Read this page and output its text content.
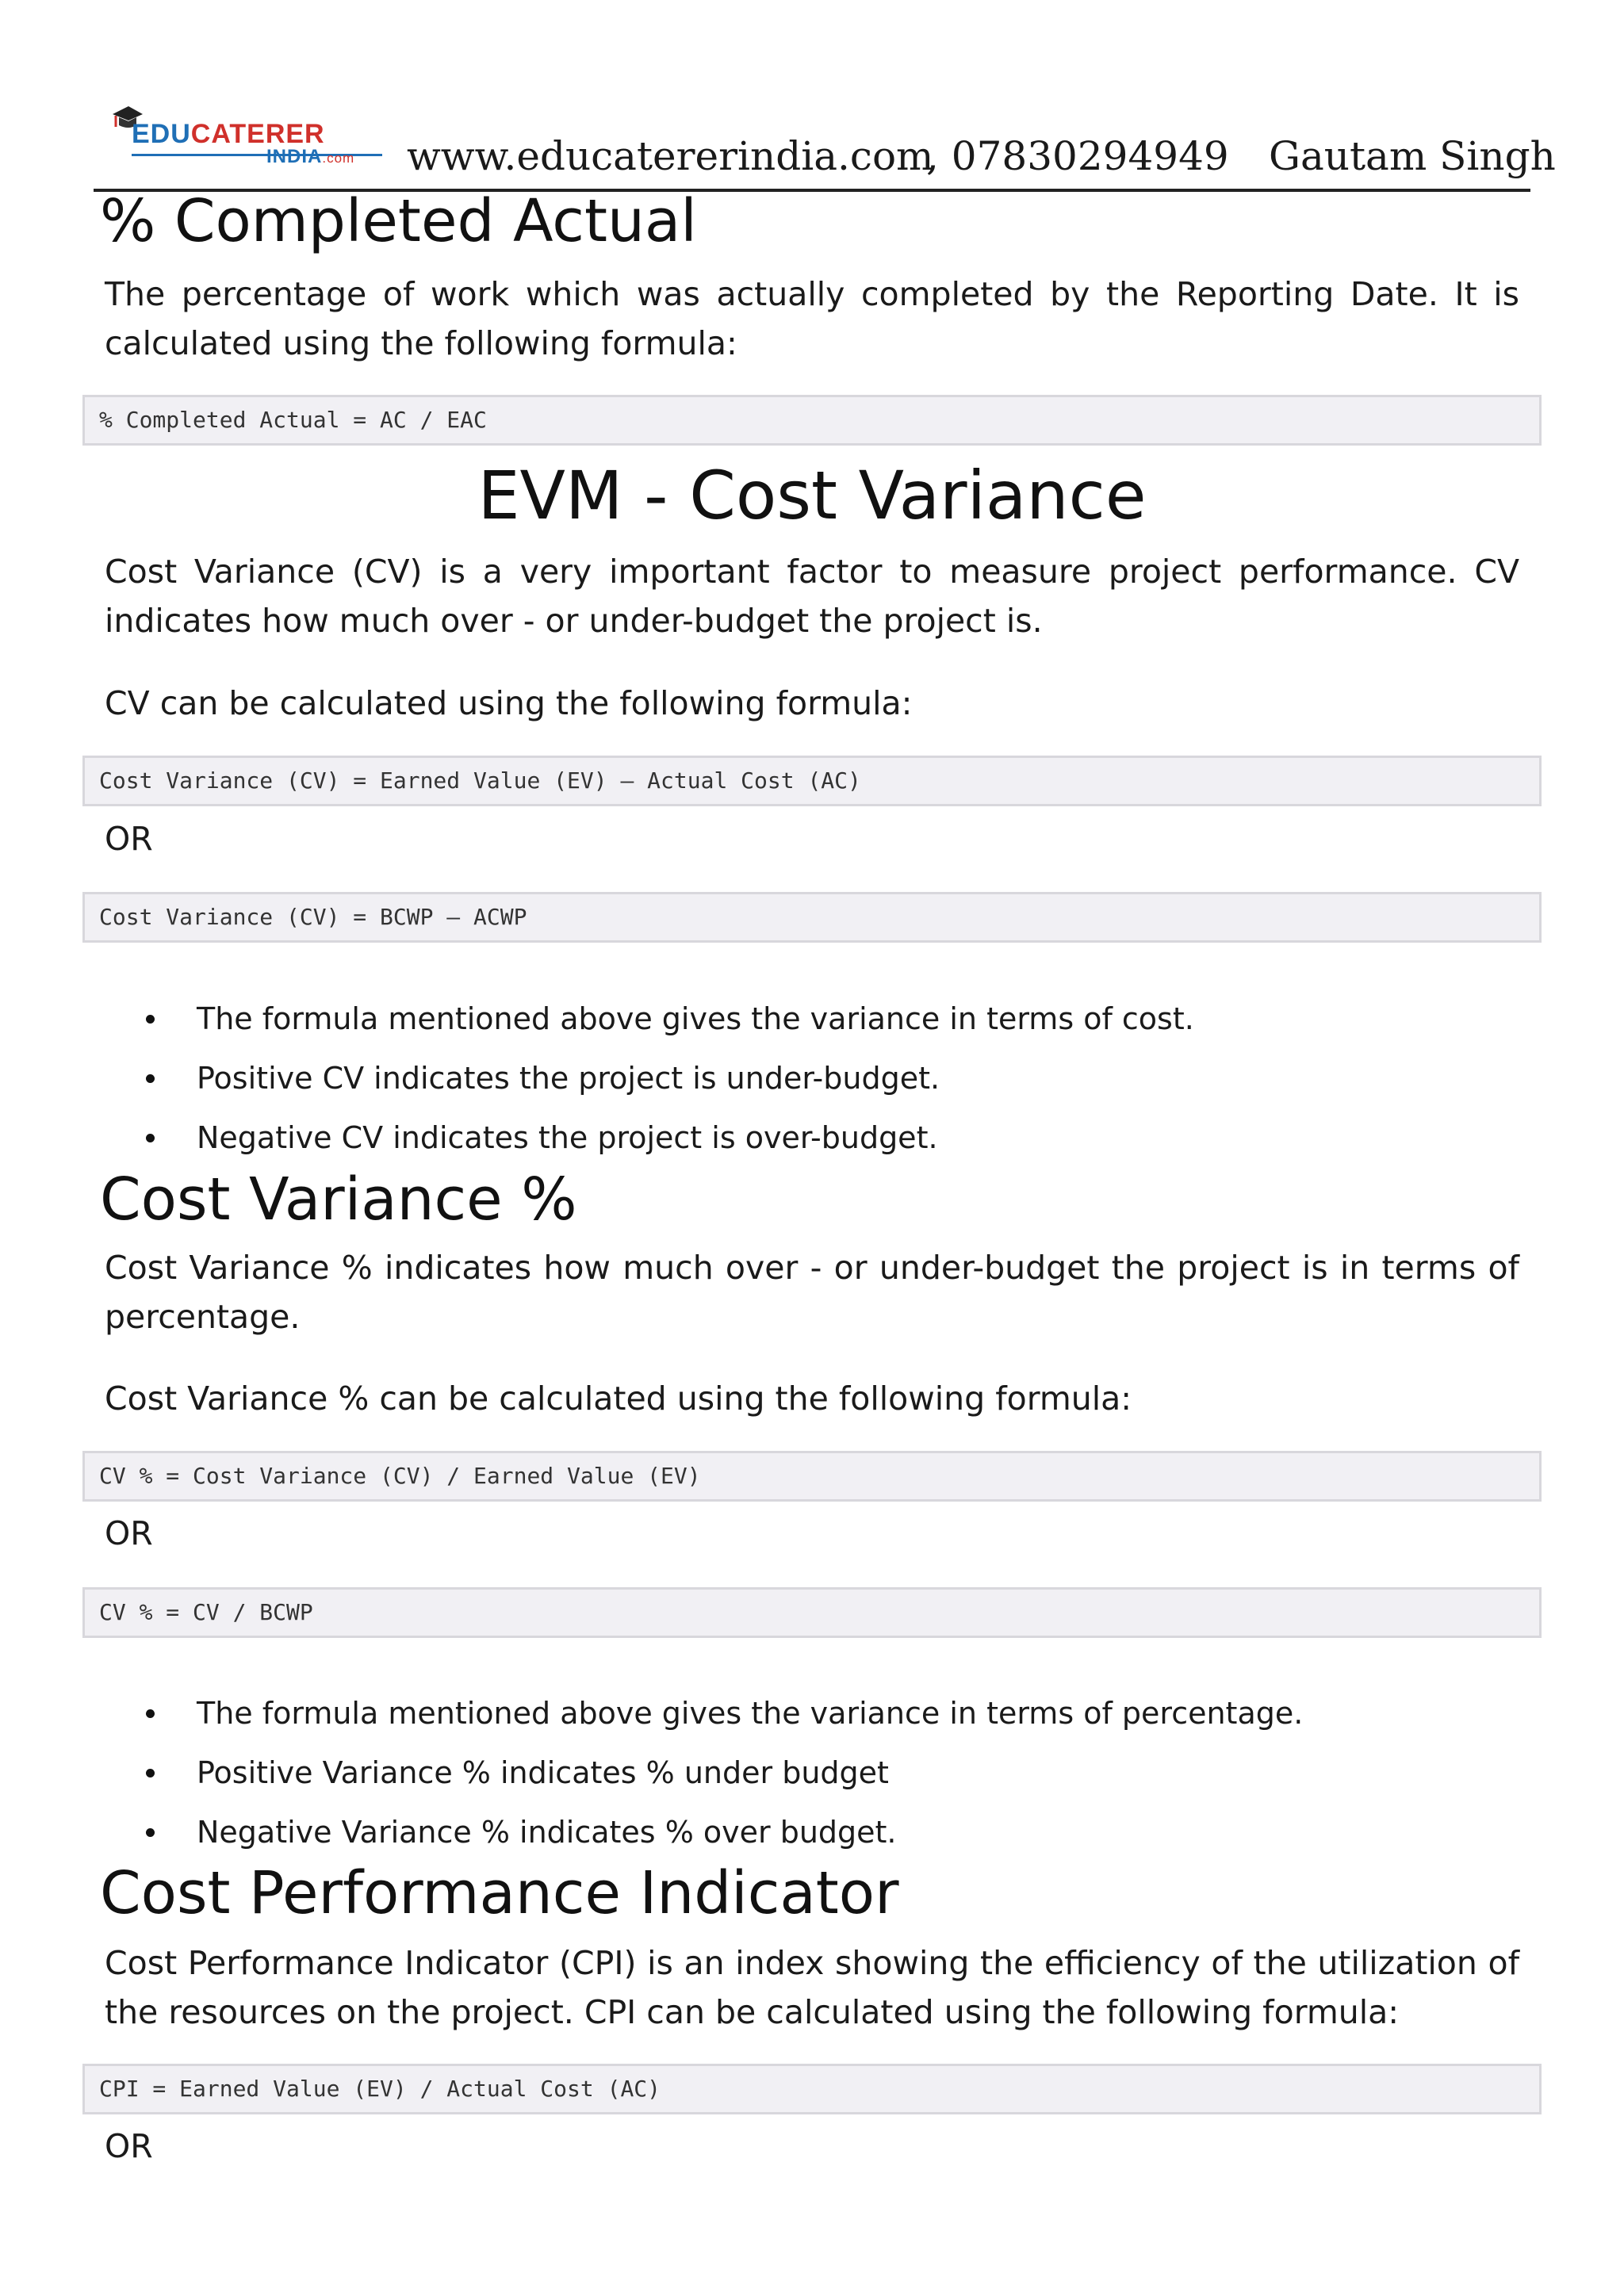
EDUCATERER
INDIA.com www.educatererindia.com
, 07830294949 Gautam Singh
% Completed Actual

The percentage of work which was actually completed by the Reporting Date. It is calculated using the following formula:

% Completed Actual = AC / EAC
EVM - Cost Variance

Cost Variance (CV) is a very important factor to measure project performance. CV indicates how much over - or under-budget the project is.

CV can be calculated using the following formula:

Cost Variance (CV) = Earned Value (EV) – Actual Cost (AC)

OR

Cost Variance (CV) = BCWP – ACWP
The formula mentioned above gives the variance in terms of cost.
Positive CV indicates the project is under-budget.
Negative CV indicates the project is over-budget.
Cost Variance %

Cost Variance % indicates how much over - or under-budget the project is in terms of percentage.

Cost Variance % can be calculated using the following formula:

CV % = Cost Variance (CV) / Earned Value (EV)

OR

CV % = CV / BCWP
The formula mentioned above gives the variance in terms of percentage.
Positive Variance % indicates % under budget
Negative Variance % indicates % over budget.
Cost Performance Indicator

Cost Performance Indicator (CPI) is an index showing the efficiency of the utilization of the resources on the project. CPI can be calculated using the following formula:

CPI = Earned Value (EV) / Actual Cost (AC)

OR
